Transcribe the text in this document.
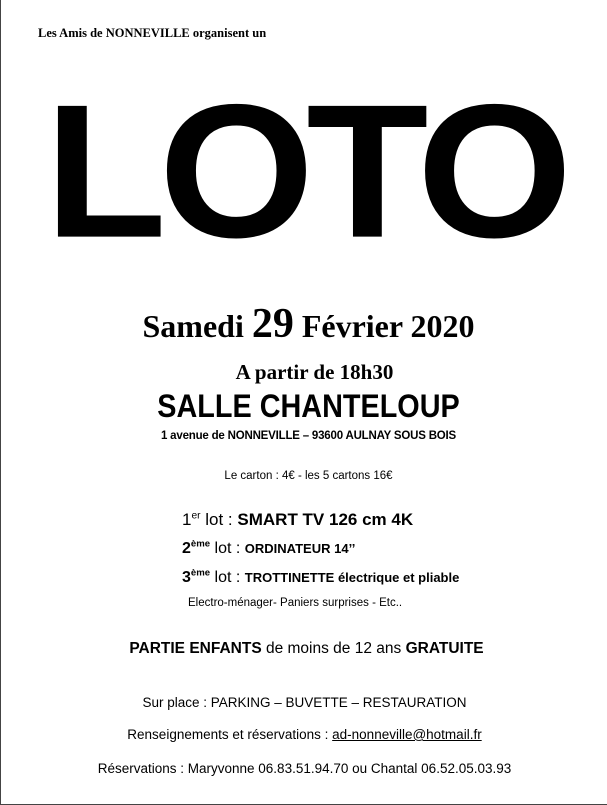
Les Amis de NONNEVILLE organisent un
LOTO
Samedi 29 Février 2020
A partir de 18h30
SALLE CHANTELOUP
1 avenue de NONNEVILLE – 93600 AULNAY SOUS BOIS
Le carton : 4€ - les 5 cartons 16€
1er lot : SMART TV 126 cm 4K
2ème lot : ORDINATEUR 14’’
3ème lot : TROTTINETTE électrique et pliable
Electro-ménager- Paniers surprises - Etc..
PARTIE ENFANTS de moins de 12 ans GRATUITE
Sur place : PARKING – BUVETTE – RESTAURATION
Renseignements et réservations : ad-nonneville@hotmail.fr
Réservations : Maryvonne 06.83.51.94.70 ou Chantal 06.52.05.03.93
